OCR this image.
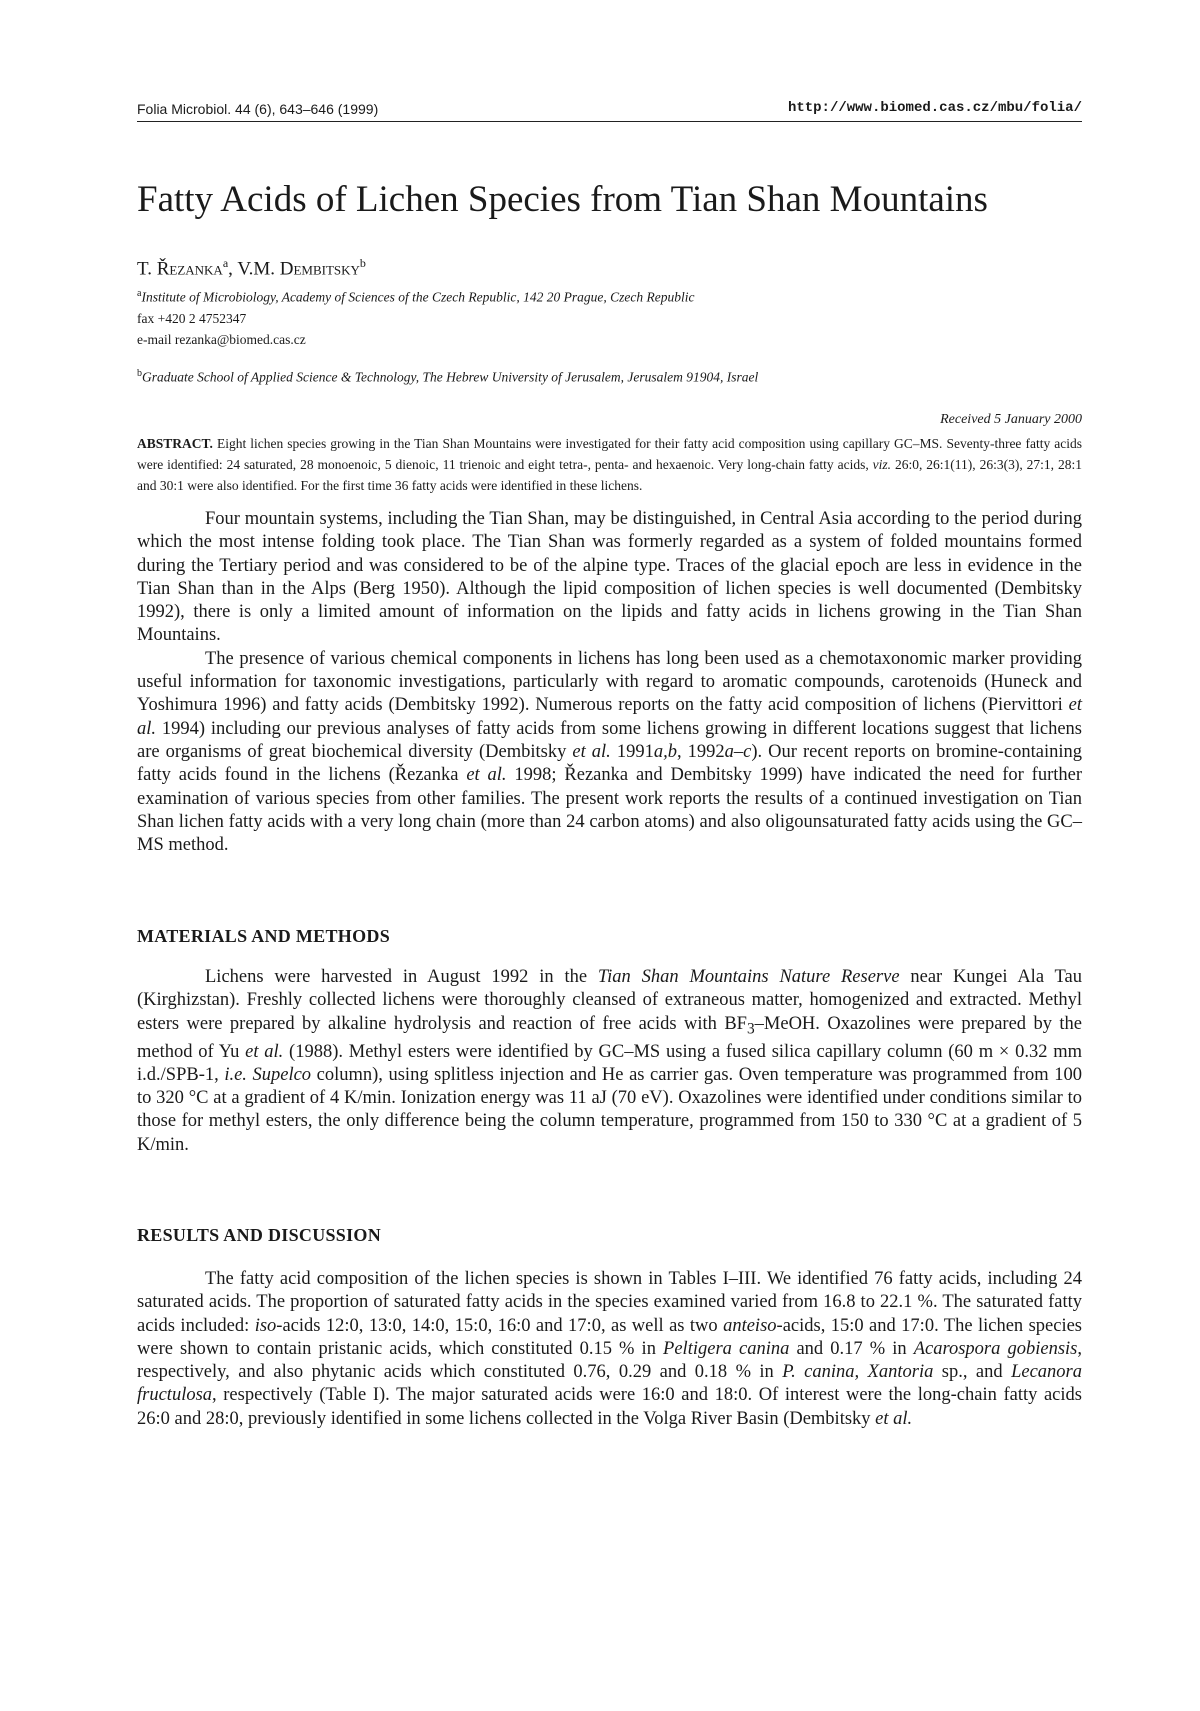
Folia Microbiol. 44 (6), 643–646 (1999)	http://www.biomed.cas.cz/mbu/folia/
Fatty Acids of Lichen Species from Tian Shan Mountains
T. Řezanka$^a$, V.M. Dembitsky$^b$
$^a$Institute of Microbiology, Academy of Sciences of the Czech Republic, 142 20 Prague, Czech Republic
fax +420 2 4752347
e-mail rezanka@biomed.cas.cz
$^b$Graduate School of Applied Science & Technology, The Hebrew University of Jerusalem, Jerusalem 91904, Israel
Received 5 January 2000
ABSTRACT. Eight lichen species growing in the Tian Shan Mountains were investigated for their fatty acid composition using capillary GC–MS. Seventy-three fatty acids were identified: 24 saturated, 28 monoenoic, 5 dienoic, 11 trienoic and eight tetra-, penta- and hexaenoic. Very long-chain fatty acids, viz. 26:0, 26:1(11), 26:3(3), 27:1, 28:1 and 30:1 were also identified. For the first time 36 fatty acids were identified in these lichens.

Four mountain systems, including the Tian Shan, may be distinguished, in Central Asia according to the period during which the most intense folding took place. The Tian Shan was formerly regarded as a system of folded mountains formed during the Tertiary period and was considered to be of the alpine type. Traces of the glacial epoch are less in evidence in the Tian Shan than in the Alps (Berg 1950). Although the lipid composition of lichen species is well documented (Dembitsky 1992), there is only a limited amount of information on the lipids and fatty acids in lichens growing in the Tian Shan Mountains.

The presence of various chemical components in lichens has long been used as a chemotaxonomic marker providing useful information for taxonomic investigations, particularly with regard to aromatic compounds, carotenoids (Huneck and Yoshimura 1996) and fatty acids (Dembitsky 1992). Numerous reports on the fatty acid composition of lichens (Piervittori et al. 1994) including our previous analyses of fatty acids from some lichens growing in different locations suggest that lichens are organisms of great biochemical diversity (Dembitsky et al. 1991a,b, 1992a–c). Our recent reports on bromine-containing fatty acids found in the lichens (Řezanka et al. 1998; Řezanka and Dembitsky 1999) have indicated the need for further examination of various species from other families. The present work reports the results of a continued investigation on Tian Shan lichen fatty acids with a very long chain (more than 24 carbon atoms) and also oligounsaturated fatty acids using the GC–MS method.

MATERIALS AND METHODS

Lichens were harvested in August 1992 in the Tian Shan Mountains Nature Reserve near Kungei Ala Tau (Kirghizstan). Freshly collected lichens were thoroughly cleansed of extraneous matter, homogenized and extracted. Methyl esters were prepared by alkaline hydrolysis and reaction of free acids with $BF_3$–MeOH. Oxazolines were prepared by the method of Yu et al. (1988). Methyl esters were identified by GC–MS using a fused silica capillary column (60 m × 0.32 mm i.d./SPB-1, i.e. Supelco column), using splitless injection and He as carrier gas. Oven temperature was programmed from 100 to 320 °C at a gradient of 4 K/min. Ionization energy was 11 aJ (70 eV). Oxazolines were identified under conditions similar to those for methyl esters, the only difference being the column temperature, programmed from 150 to 330 °C at a gradient of 5 K/min.

RESULTS AND DISCUSSION

The fatty acid composition of the lichen species is shown in Tables I–III. We identified 76 fatty acids, including 24 saturated acids. The proportion of saturated fatty acids in the species examined varied from 16.8 to 22.1 %. The saturated fatty acids included: iso-acids 12:0, 13:0, 14:0, 15:0, 16:0 and 17:0, as well as two anteiso-acids, 15:0 and 17:0. The lichen species were shown to contain pristanic acids, which constituted 0.15 % in Peltigera canina and 0.17 % in Acarospora gobiensis, respectively, and also phytanic acids which constituted 0.76, 0.29 and 0.18 % in P. canina, Xantoria sp., and Lecanora fructulosa, respectively (Table I). The major saturated acids were 16:0 and 18:0. Of interest were the long-chain fatty acids 26:0 and 28:0, previously identified in some lichens collected in the Volga River Basin (Dembitsky et al.
